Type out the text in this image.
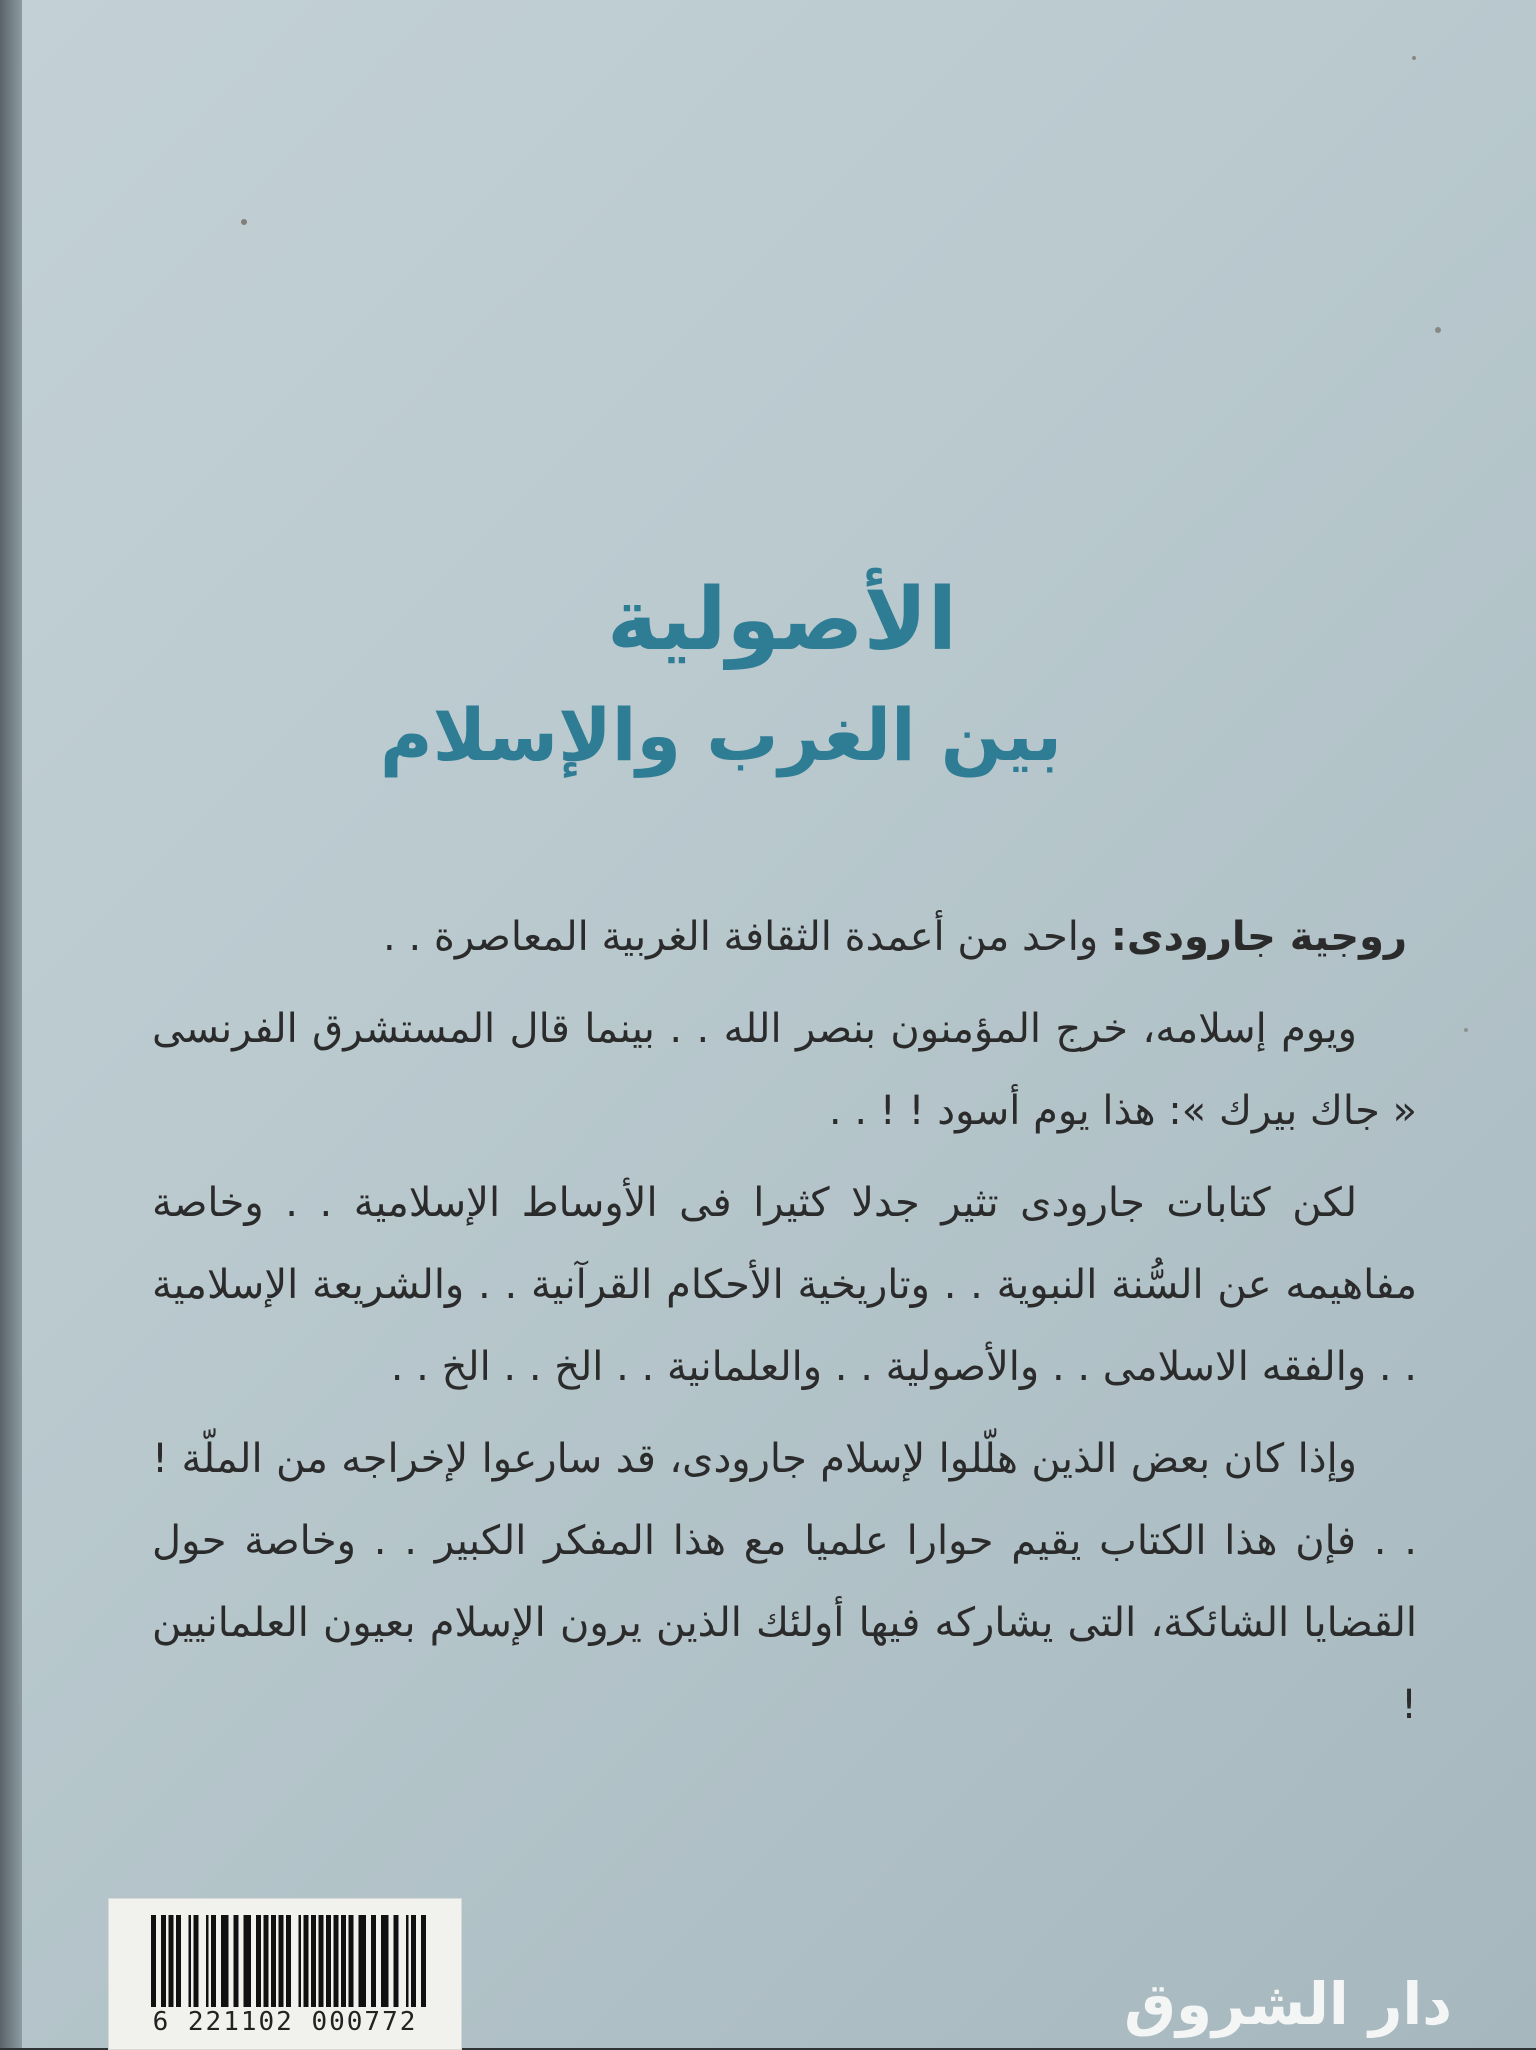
الأصولية
بين الغرب والإسلام

روجية جارودى: واحد من أعمدة الثقافة الغربية المعاصرة . .

ويوم إسلامه، خرج المؤمنون بنصر الله . . بينما قال المستشرق الفرنسى « جاك بيرك »: هذا يوم أسود ! ! . .

لكن كتابات جارودى تثير جدلا كثيرا فى الأوساط الإسلامية . . وخاصة مفاهيمه عن السُّنة النبوية . . وتاريخية الأحكام القرآنية . . والشريعة الإسلامية . . والفقه الاسلامى . . والأصولية . . والعلمانية . . الخ . . الخ . .

وإذا كان بعض الذين هلّلوا لإسلام جارودى، قد سارعوا لإخراجه من الملّة ! . . فإن هذا الكتاب يقيم حوارا علميا مع هذا المفكر الكبير . . وخاصة حول القضايا الشائكة، التى يشاركه فيها أولئك الذين يرون الإسلام بعيون العلمانيين !

دار الشروق
6 221102 000772
